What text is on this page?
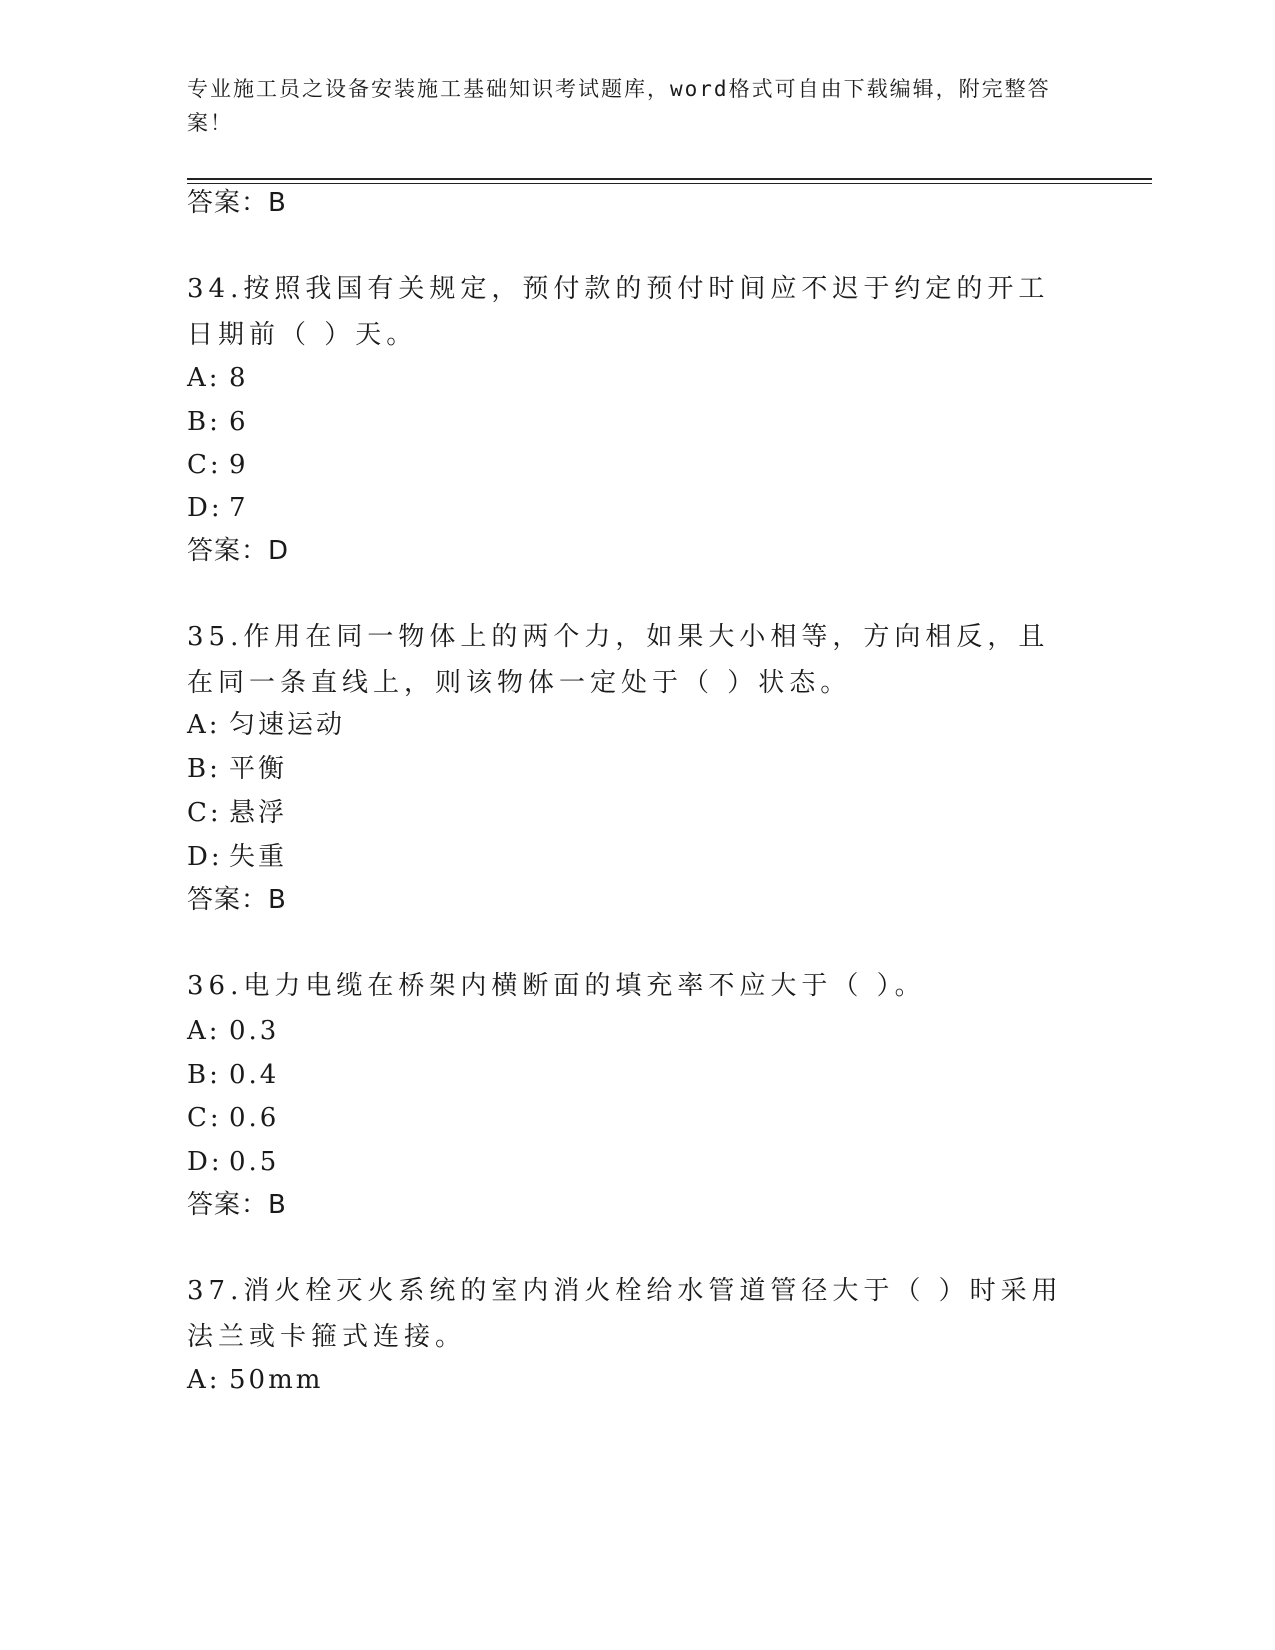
专业施工员之设备安装施工基础知识考试题库，word格式可自由下载编辑，附完整答案！
答案：B
34.按照我国有关规定，预付款的预付时间应不迟于约定的开工日期前（ ）天。
A: 8
B: 6
C: 9
D: 7
答案：D
35.作用在同一物体上的两个力，如果大小相等，方向相反，且在同一条直线上，则该物体一定处于（ ）状态。
A: 匀速运动
B: 平衡
C: 悬浮
D: 失重
答案：B
36.电力电缆在桥架内横断面的填充率不应大于（ ）。
A: 0.3
B: 0.4
C: 0.6
D: 0.5
答案：B
37.消火栓灭火系统的室内消火栓给水管道管径大于（ ）时采用法兰或卡箍式连接。
A: 50mm
